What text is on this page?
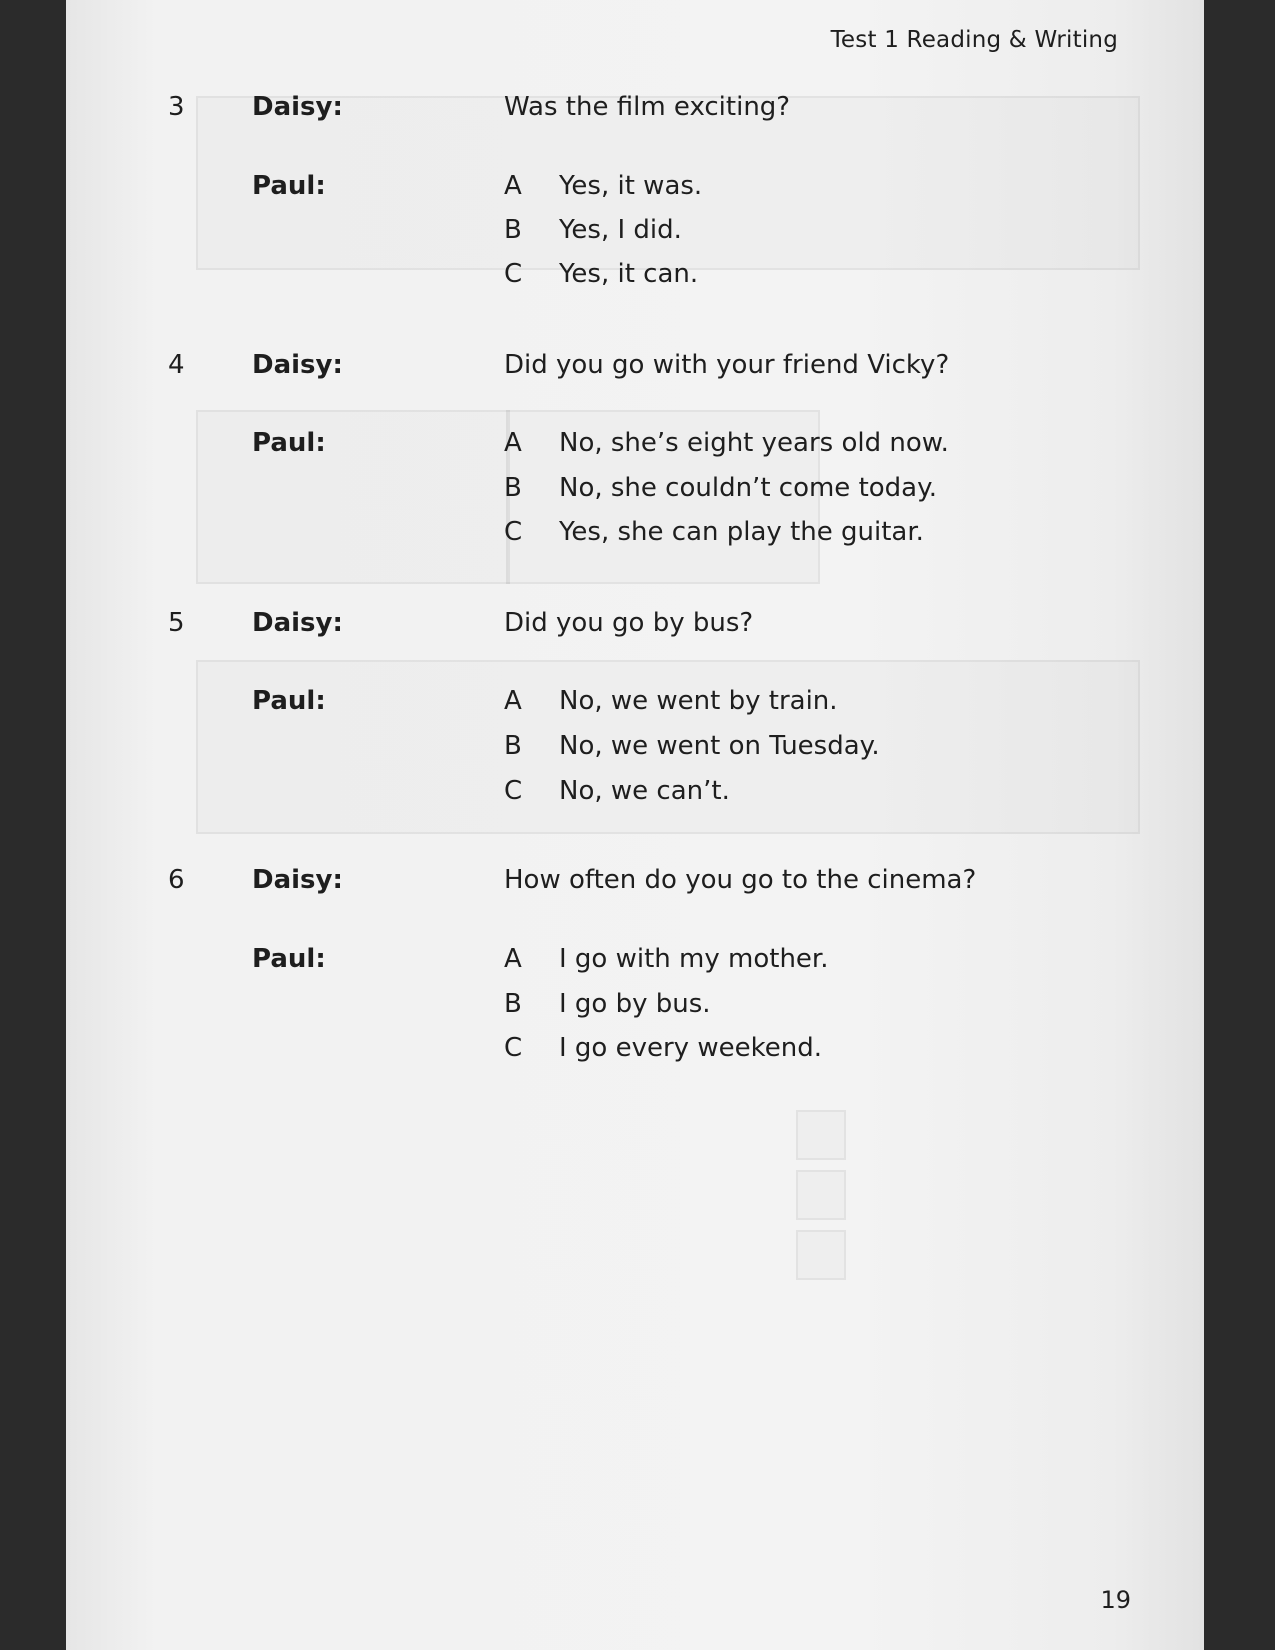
Test 1 Reading & Writing
3	Daisy:	Was the film exciting?
Paul:	A Yes, it was.
B Yes, I did.
C Yes, it can.
4	Daisy:	Did you go with your friend Vicky?
Paul:	A No, she’s eight years old now.
B No, she couldn’t come today.
C Yes, she can play the guitar.
5	Daisy:	Did you go by bus?
Paul:	A No, we went by train.
B No, we went on Tuesday.
C No, we can’t.
6	Daisy:	How often do you go to the cinema?
Paul:	A I go with my mother.
B I go by bus.
C I go every weekend.
19
